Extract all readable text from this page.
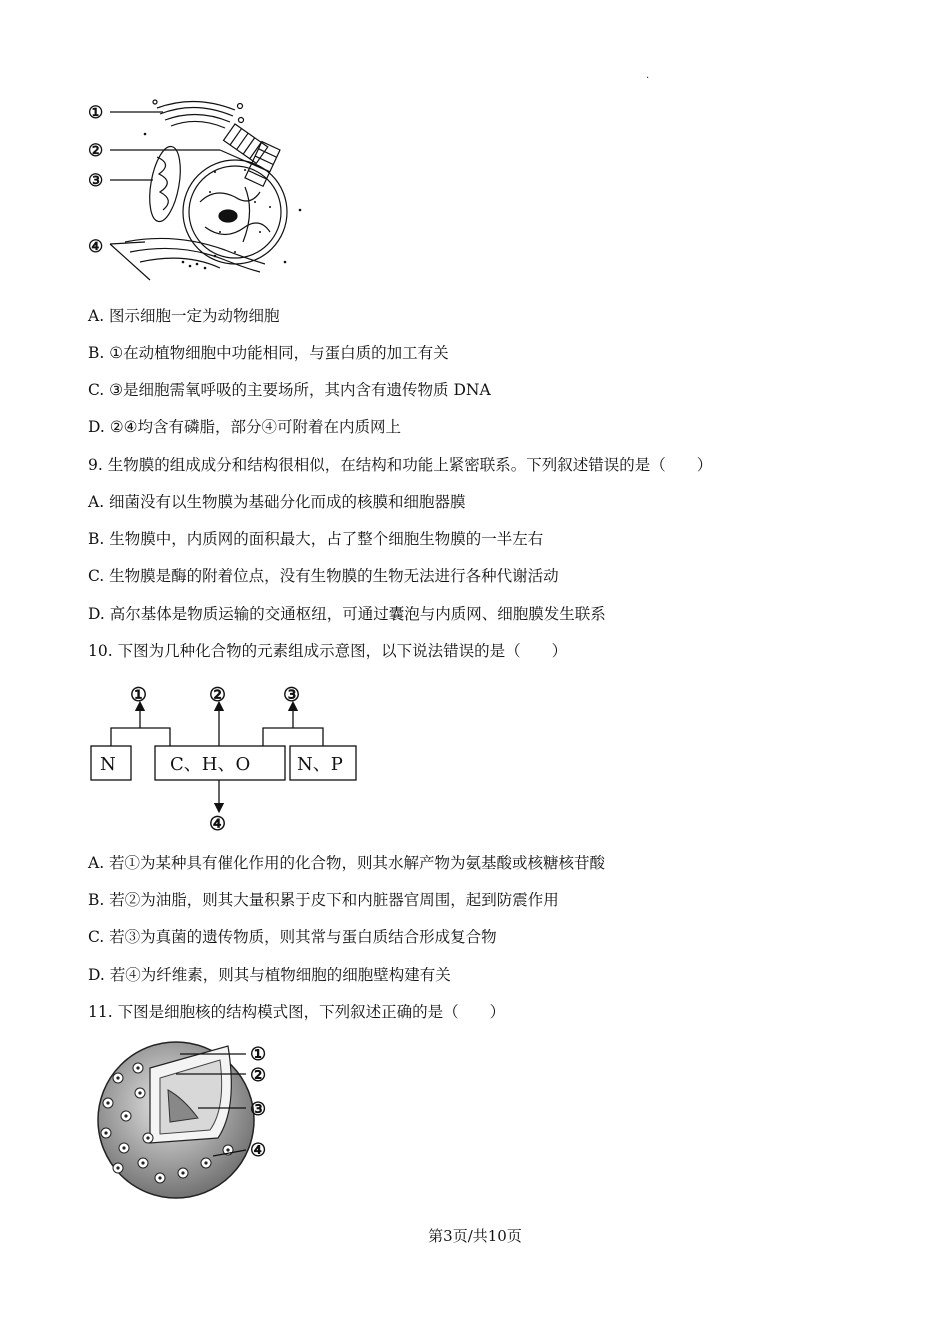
.
①
②
③
④
A. 图示细胞一定为动物细胞
B. ①在动植物细胞中功能相同，与蛋白质的加工有关
C. ③是细胞需氧呼吸的主要场所，其内含有遗传物质 DNA
D. ②④均含有磷脂，部分④可附着在内质网上
9. 生物膜的组成成分和结构很相似，在结构和功能上紧密联系。下列叙述错误的是（　　）
A. 细菌没有以生物膜为基础分化而成的核膜和细胞器膜
B. 生物膜中，内质网的面积最大，占了整个细胞生物膜的一半左右
C. 生物膜是酶的附着位点，没有生物膜的生物无法进行各种代谢活动
D. 高尔基体是物质运输的交通枢纽，可通过囊泡与内质网、细胞膜发生联系
10. 下图为几种化合物的元素组成示意图，以下说法错误的是（　　）
N	C、H、O	N、P
①	②	③
④
A. 若①为某种具有催化作用的化合物，则其水解产物为氨基酸或核糖核苷酸
B. 若②为油脂，则其大量积累于皮下和内脏器官周围，起到防震作用
C. 若③为真菌的遗传物质，则其常与蛋白质结合形成复合物
D. 若④为纤维素，则其与植物细胞的细胞壁构建有关
11. 下图是细胞核的结构模式图，下列叙述正确的是（　　）
①
②
③
④
第3页/共10页
